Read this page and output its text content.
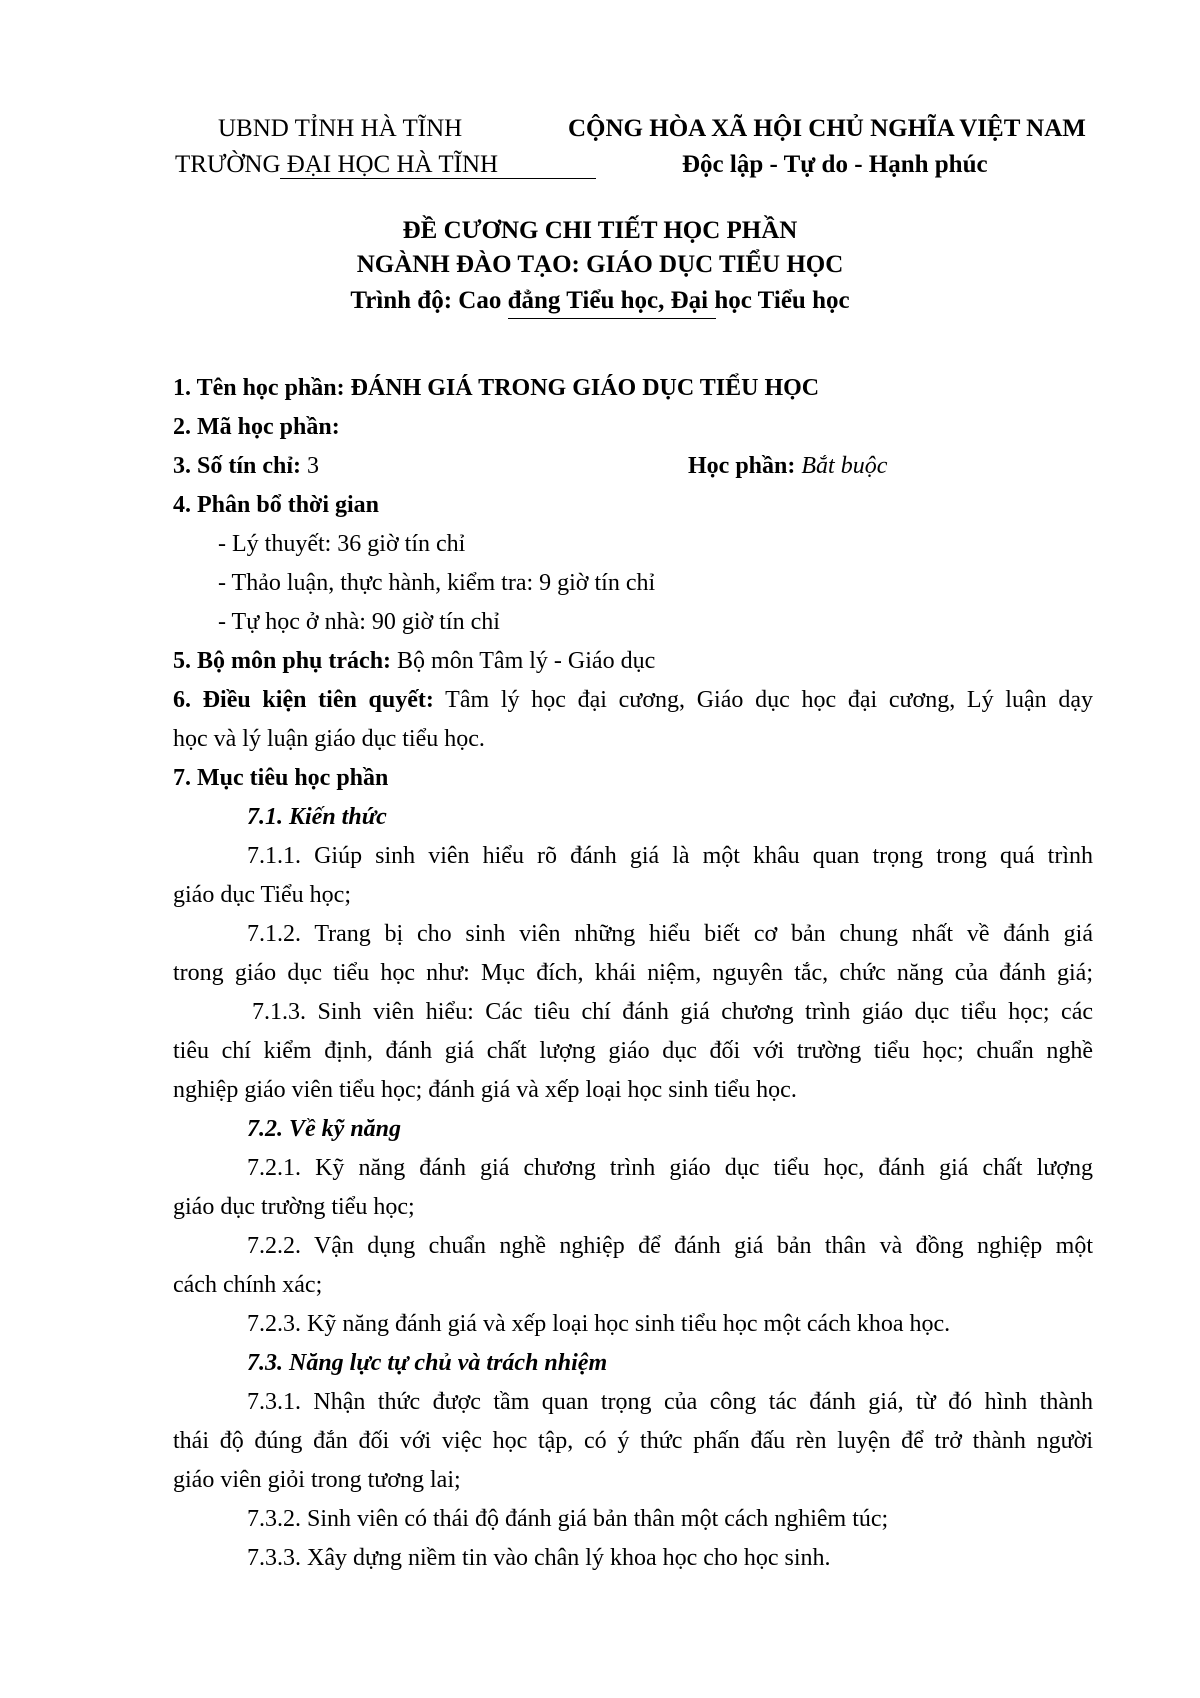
UBND TỈNH HÀ TĨNH
TRƯỜNG ĐẠI HỌC HÀ TĨNH
CỘNG HÒA XÃ HỘI CHỦ NGHĨA VIỆT NAM
Độc lập - Tự do - Hạnh phúc
ĐỀ CƯƠNG CHI TIẾT HỌC PHẦN
NGÀNH ĐÀO TẠO: GIÁO DỤC TIỂU HỌC
Trình độ: Cao đẳng Tiểu học, Đại học Tiểu học
1. Tên học phần: ĐÁNH GIÁ TRONG GIÁO DỤC TIỂU HỌC
2. Mã học phần:
3. Số tín chỉ: 3	Học phần: Bắt buộc
4. Phân bổ thời gian
- Lý thuyết: 36 giờ tín chỉ
- Thảo luận, thực hành, kiểm tra: 9 giờ tín chỉ
- Tự học ở nhà: 90 giờ tín chỉ
5. Bộ môn phụ trách: Bộ môn Tâm lý - Giáo dục
6. Điều kiện tiên quyết: Tâm lý học đại cương, Giáo dục học đại cương, Lý luận dạy
học và lý luận giáo dục tiểu học.
7. Mục tiêu học phần
7.1. Kiến thức
7.1.1. Giúp sinh viên hiểu rõ đánh giá là một khâu quan trọng trong quá trình
giáo dục Tiểu học;
7.1.2. Trang bị cho sinh viên những hiểu biết cơ bản chung nhất về đánh giá
trong giáo dục tiểu học như: Mục đích, khái niệm, nguyên tắc, chức năng của đánh giá;
7.1.3. Sinh viên hiểu: Các tiêu chí đánh giá chương trình giáo dục tiểu học; các
tiêu chí kiểm định, đánh giá chất lượng giáo dục đối với trường tiểu học; chuẩn nghề
nghiệp giáo viên tiểu học; đánh giá và xếp loại học sinh tiểu học.
7.2. Về kỹ năng
7.2.1. Kỹ năng đánh giá chương trình giáo dục tiểu học, đánh giá chất lượng
giáo dục trường tiểu học;
7.2.2. Vận dụng chuẩn nghề nghiệp để đánh giá bản thân và đồng nghiệp một
cách chính xác;
7.2.3. Kỹ năng đánh giá và xếp loại học sinh tiểu học một cách khoa học.
7.3. Năng lực tự chủ và trách nhiệm
7.3.1. Nhận thức được tầm quan trọng của công tác đánh giá, từ đó hình thành
thái độ đúng đắn đối với việc học tập, có ý thức phấn đấu rèn luyện để trở thành người
giáo viên giỏi trong tương lai;
7.3.2. Sinh viên có thái độ đánh giá bản thân một cách nghiêm túc;
7.3.3. Xây dựng niềm tin vào chân lý khoa học cho học sinh.
